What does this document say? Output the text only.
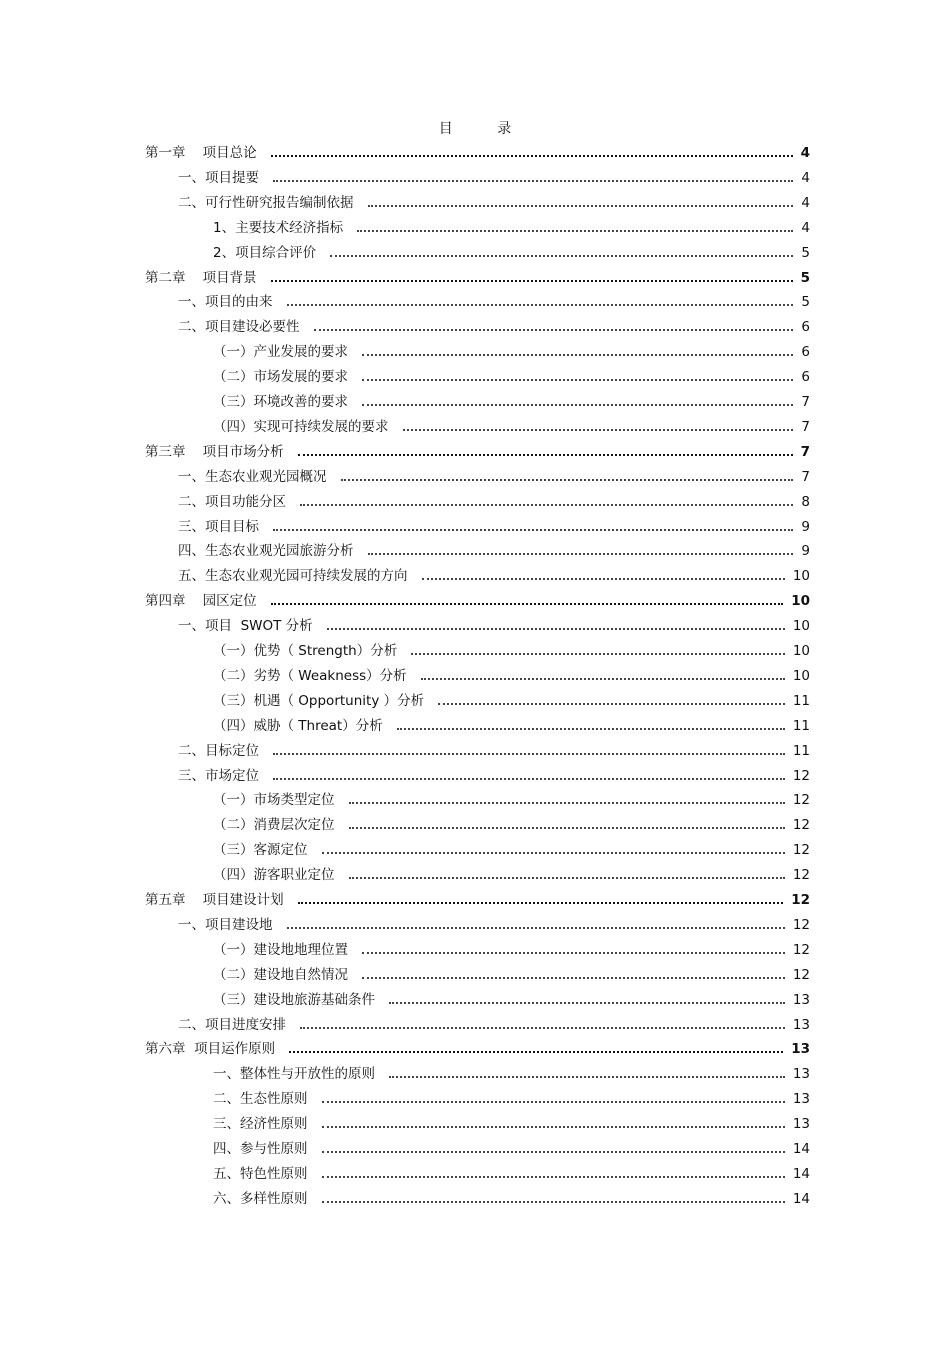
目 录
第一章    项目总论	4
一、项目提要	4
二、可行性研究报告编制依据	4
1、主要技术经济指标	4
2、项目综合评价	5
第二章    项目背景	5
一、项目的由来	5
二、项目建设必要性	6
（一）产业发展的要求	6
（二）市场发展的要求	6
（三）环境改善的要求	7
（四）实现可持续发展的要求	7
第三章    项目市场分析	7
一、生态农业观光园概况	7
二、项目功能分区	8
三、项目目标	9
四、生态农业观光园旅游分析	9
五、生态农业观光园可持续发展的方向	10
第四章    园区定位	10
一、项目  SWOT 分析	10
（一）优势（ Strength）分析	10
（二）劣势（ Weakness）分析	10
（三）机遇（ Opportunity ）分析	11
（四）威胁（ Threat）分析	11
二、目标定位	11
三、市场定位	12
（一）市场类型定位	12
（二）消费层次定位	12
（三）客源定位	12
（四）游客职业定位	12
第五章    项目建设计划	12
一、项目建设地	12
（一）建设地地理位置	12
（二）建设地自然情况	12
（三）建设地旅游基础条件	13
二、项目进度安排	13
第六章  项目运作原则	13
一、整体性与开放性的原则	13
二、生态性原则	13
三、经济性原则	13
四、参与性原则	14
五、特色性原则	14
六、多样性原则	14
